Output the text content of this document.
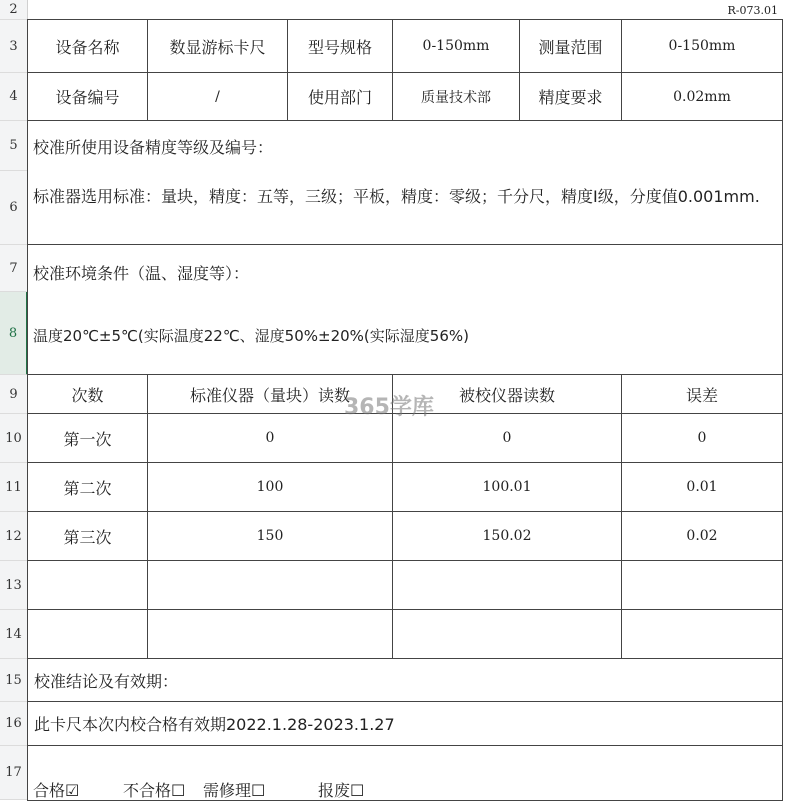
R-073.01
2
3
4
5
6
7
8
9
10
11
12
13
14
15
16
17
设备名称	数显游标卡尺	型号规格	0-150mm	测量范围	0-150mm
设备编号	/	使用部门	质量技术部	精度要求	0.02mm
校准所使用设备精度等级及编号：
标准器选用标准：量块，精度：五等，三级；平板，精度：零级；千分尺，精度Ⅰ级，分度值0.001mm.
校准环境条件（温、湿度等）：
温度20℃±5℃(实际温度22℃、湿度50%±20%(实际湿度56%)
次数	标准仪器（量块）读数	被校仪器读数	误差
第一次	0	0	0
第二次	100	100.01	0.01
第三次	150	150.02	0.02
校准结论及有效期：
此卡尺本次内校合格有效期2022.1.28-2023.1.27
合格☑	不合格☐ 需修理☐	报废☐
365学库
